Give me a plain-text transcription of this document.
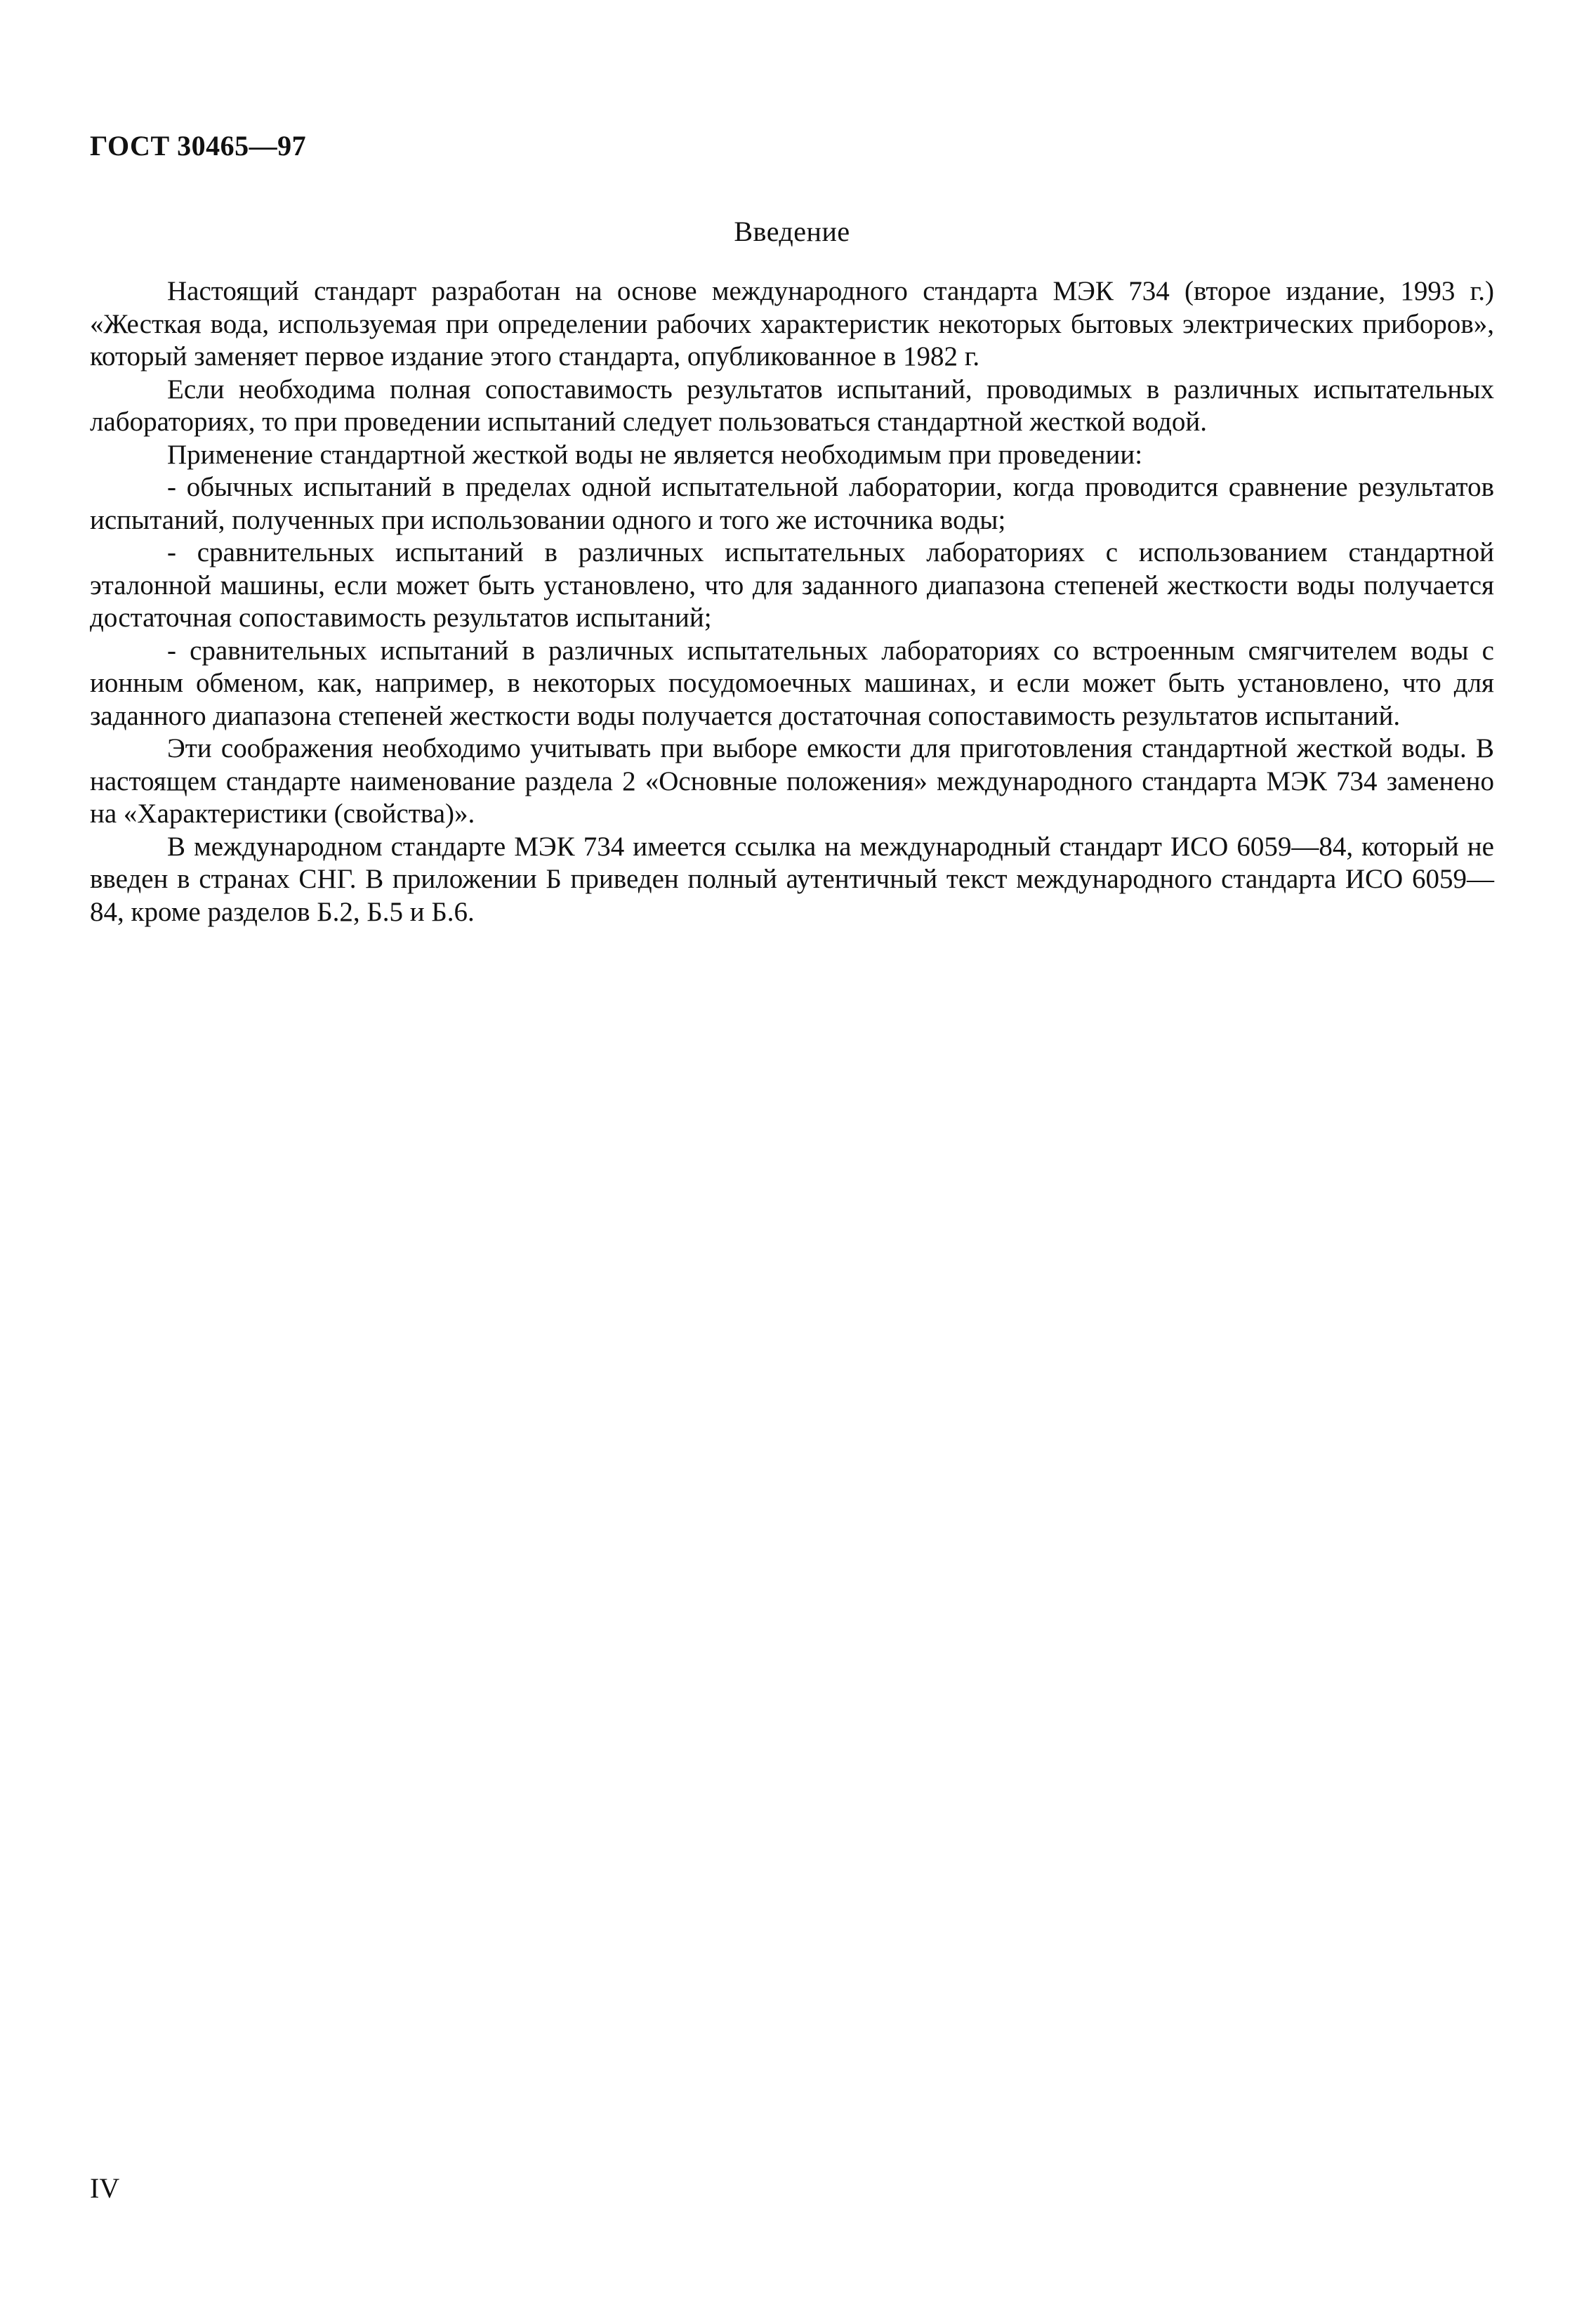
ГОСТ 30465—97
Введение

Настоящий стандарт разработан на основе международного стандарта МЭК 734 (второе издание, 1993 г.) «Жесткая вода, используемая при определении рабочих характеристик некоторых бытовых электрических приборов», который заменяет первое издание этого стандарта, опубликованное в 1982 г.

Если необходима полная сопоставимость результатов испытаний, проводимых в различных испытательных лабораториях, то при проведении испытаний следует пользоваться стандартной жесткой водой.

Применение стандартной жесткой воды не является необходимым при проведении:

- обычных испытаний в пределах одной испытательной лаборатории, когда проводится сравнение результатов испытаний, полученных при использовании одного и того же источника воды;

- сравнительных испытаний в различных испытательных лабораториях с использованием стандартной эталонной машины, если может быть установлено, что для заданного диапазона степеней жесткости воды получается достаточная сопоставимость результатов испытаний;

- сравнительных испытаний в различных испытательных лабораториях со встроенным смягчителем воды с ионным обменом, как, например, в некоторых посудомоечных машинах, и если может быть установлено, что для заданного диапазона степеней жесткости воды получается достаточная сопоставимость результатов испытаний.

Эти соображения необходимо учитывать при выборе емкости для приготовления стандартной жесткой воды. В настоящем стандарте наименование раздела 2 «Основные положения» международного стандарта МЭК 734 заменено на «Характеристики (свойства)».

В международном стандарте МЭК 734 имеется ссылка на международный стандарт ИСО 6059—84, который не введен в странах СНГ. В приложении Б приведен полный аутентичный текст международного стандарта ИСО 6059—84, кроме разделов Б.2, Б.5 и Б.6.

IV
